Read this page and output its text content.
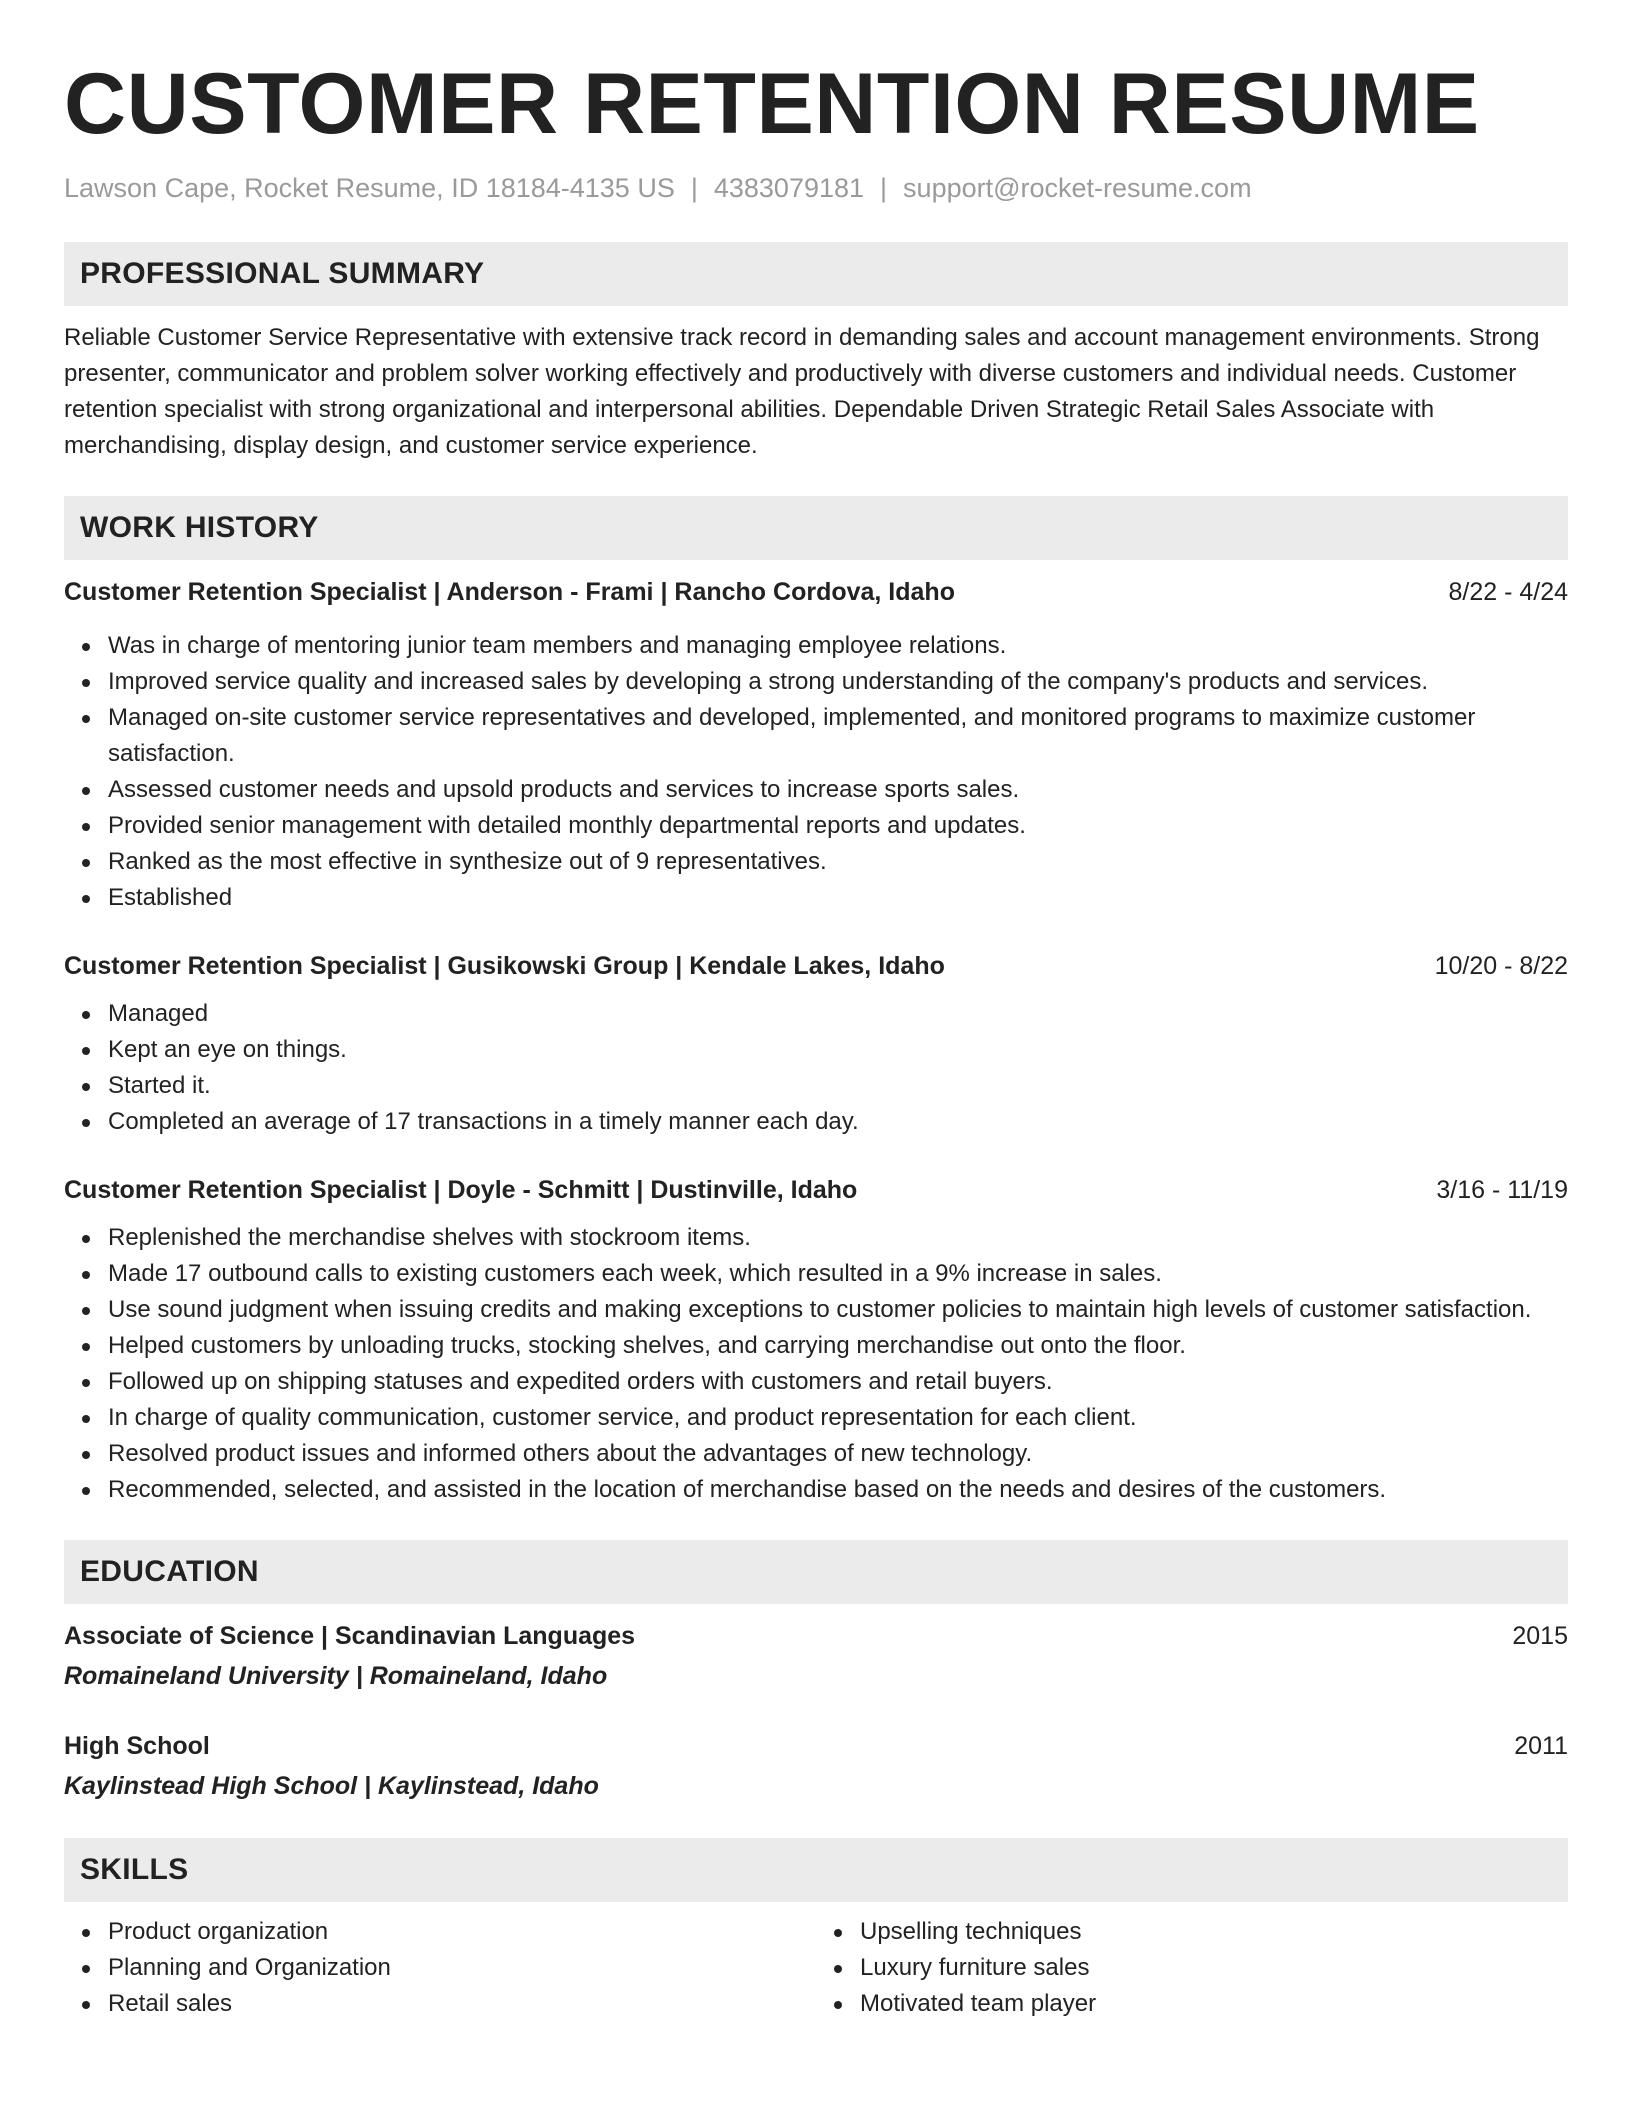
CUSTOMER RETENTION RESUME
Lawson Cape, Rocket Resume, ID 18184-4135 US | 4383079181 | support@rocket-resume.com
PROFESSIONAL SUMMARY
Reliable Customer Service Representative with extensive track record in demanding sales and account management environments. Strong presenter, communicator and problem solver working effectively and productively with diverse customers and individual needs. Customer retention specialist with strong organizational and interpersonal abilities. Dependable Driven Strategic Retail Sales Associate with merchandising, display design, and customer service experience.
WORK HISTORY
Customer Retention Specialist | Anderson - Frami | Rancho Cordova, Idaho	8/22 - 4/24
Was in charge of mentoring junior team members and managing employee relations.
Improved service quality and increased sales by developing a strong understanding of the company's products and services.
Managed on-site customer service representatives and developed, implemented, and monitored programs to maximize customer satisfaction.
Assessed customer needs and upsold products and services to increase sports sales.
Provided senior management with detailed monthly departmental reports and updates.
Ranked as the most effective in synthesize out of 9 representatives.
Established
Customer Retention Specialist | Gusikowski Group | Kendale Lakes, Idaho	10/20 - 8/22
Managed
Kept an eye on things.
Started it.
Completed an average of 17 transactions in a timely manner each day.
Customer Retention Specialist | Doyle - Schmitt | Dustinville, Idaho	3/16 - 11/19
Replenished the merchandise shelves with stockroom items.
Made 17 outbound calls to existing customers each week, which resulted in a 9% increase in sales.
Use sound judgment when issuing credits and making exceptions to customer policies to maintain high levels of customer satisfaction.
Helped customers by unloading trucks, stocking shelves, and carrying merchandise out onto the floor.
Followed up on shipping statuses and expedited orders with customers and retail buyers.
In charge of quality communication, customer service, and product representation for each client.
Resolved product issues and informed others about the advantages of new technology.
Recommended, selected, and assisted in the location of merchandise based on the needs and desires of the customers.
EDUCATION
Associate of Science | Scandinavian Languages	2015
Romaineland University | Romaineland, Idaho
High School	2011
Kaylinstead High School | Kaylinstead, Idaho
SKILLS
Product organization
Planning and Organization
Retail sales
Upselling techniques
Luxury furniture sales
Motivated team player
